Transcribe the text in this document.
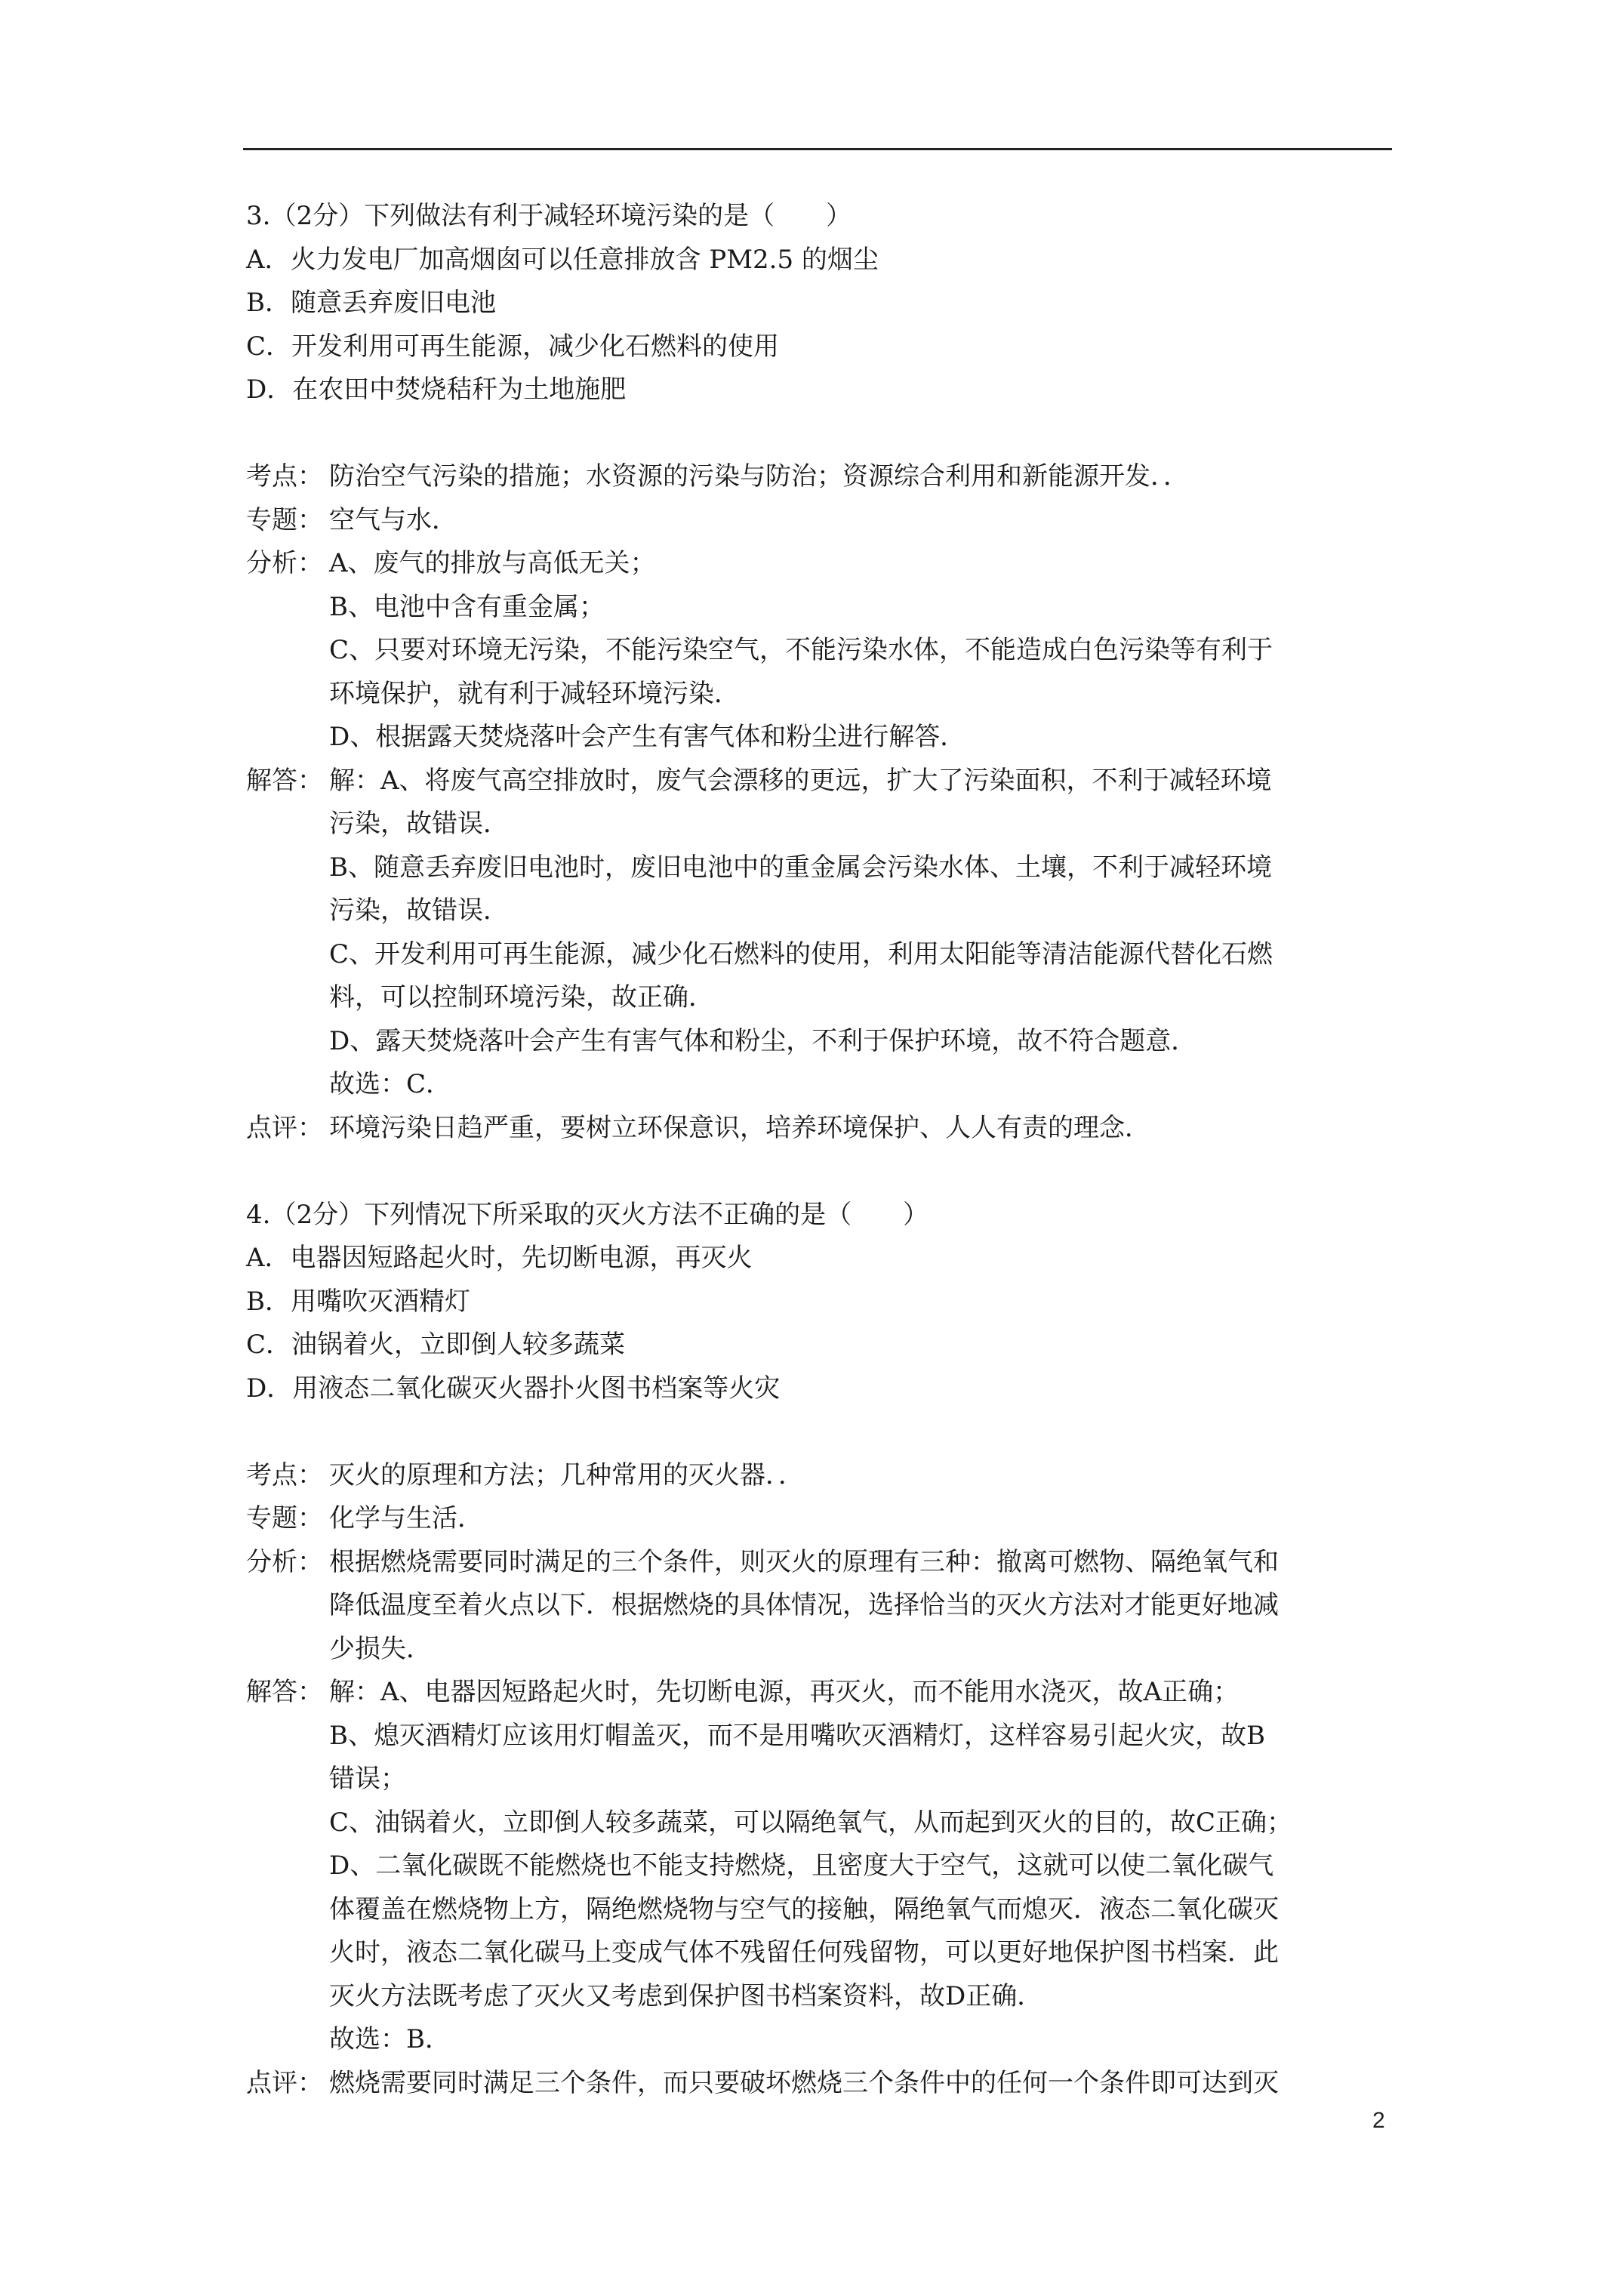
3.（2分）下列做法有利于减轻环境污染的是（　　）
A．火力发电厂加高烟囱可以任意排放含 PM2.5 的烟尘
B．随意丢弃废旧电池
C．开发利用可再生能源，减少化石燃料的使用
D．在农田中焚烧秸秆为土地施肥
考点： 防治空气污染的措施；水资源的污染与防治；资源综合利用和新能源开发．．
专题： 空气与水．
分析： A、废气的排放与高低无关；
B、电池中含有重金属；
C、只要对环境无污染，不能污染空气，不能污染水体，不能造成白色污染等有利于
环境保护，就有利于减轻环境污染．
D、根据露天焚烧落叶会产生有害气体和粉尘进行解答．
解答： 解：A、将废气高空排放时，废气会漂移的更远，扩大了污染面积，不利于减轻环境
污染，故错误．
B、随意丢弃废旧电池时，废旧电池中的重金属会污染水体、土壤，不利于减轻环境
污染，故错误．
C、开发利用可再生能源，减少化石燃料的使用，利用太阳能等清洁能源代替化石燃
料，可以控制环境污染，故正确．
D、露天焚烧落叶会产生有害气体和粉尘，不利于保护环境，故不符合题意．
故选：C．
点评： 环境污染日趋严重，要树立环保意识，培养环境保护、人人有责的理念．
4.（2分）下列情况下所采取的灭火方法不正确的是（　　）
A．电器因短路起火时，先切断电源，再灭火
B．用嘴吹灭酒精灯
C．油锅着火，立即倒人较多蔬菜
D．用液态二氧化碳灭火器扑火图书档案等火灾
考点： 灭火的原理和方法；几种常用的灭火器．．
专题： 化学与生活．
分析： 根据燃烧需要同时满足的三个条件，则灭火的原理有三种：撤离可燃物、隔绝氧气和
降低温度至着火点以下．根据燃烧的具体情况，选择恰当的灭火方法对才能更好地减
少损失．
解答： 解：A、电器因短路起火时，先切断电源，再灭火，而不能用水浇灭，故A正确；
B、熄灭酒精灯应该用灯帽盖灭，而不是用嘴吹灭酒精灯，这样容易引起火灾，故B
错误；
C、油锅着火，立即倒人较多蔬菜，可以隔绝氧气，从而起到灭火的目的，故C正确；
D、二氧化碳既不能燃烧也不能支持燃烧，且密度大于空气，这就可以使二氧化碳气
体覆盖在燃烧物上方，隔绝燃烧物与空气的接触，隔绝氧气而熄灭．液态二氧化碳灭
火时，液态二氧化碳马上变成气体不残留任何残留物，可以更好地保护图书档案．此
灭火方法既考虑了灭火又考虑到保护图书档案资料，故D正确．
故选：B．
点评： 燃烧需要同时满足三个条件，而只要破坏燃烧三个条件中的任何一个条件即可达到灭
2
